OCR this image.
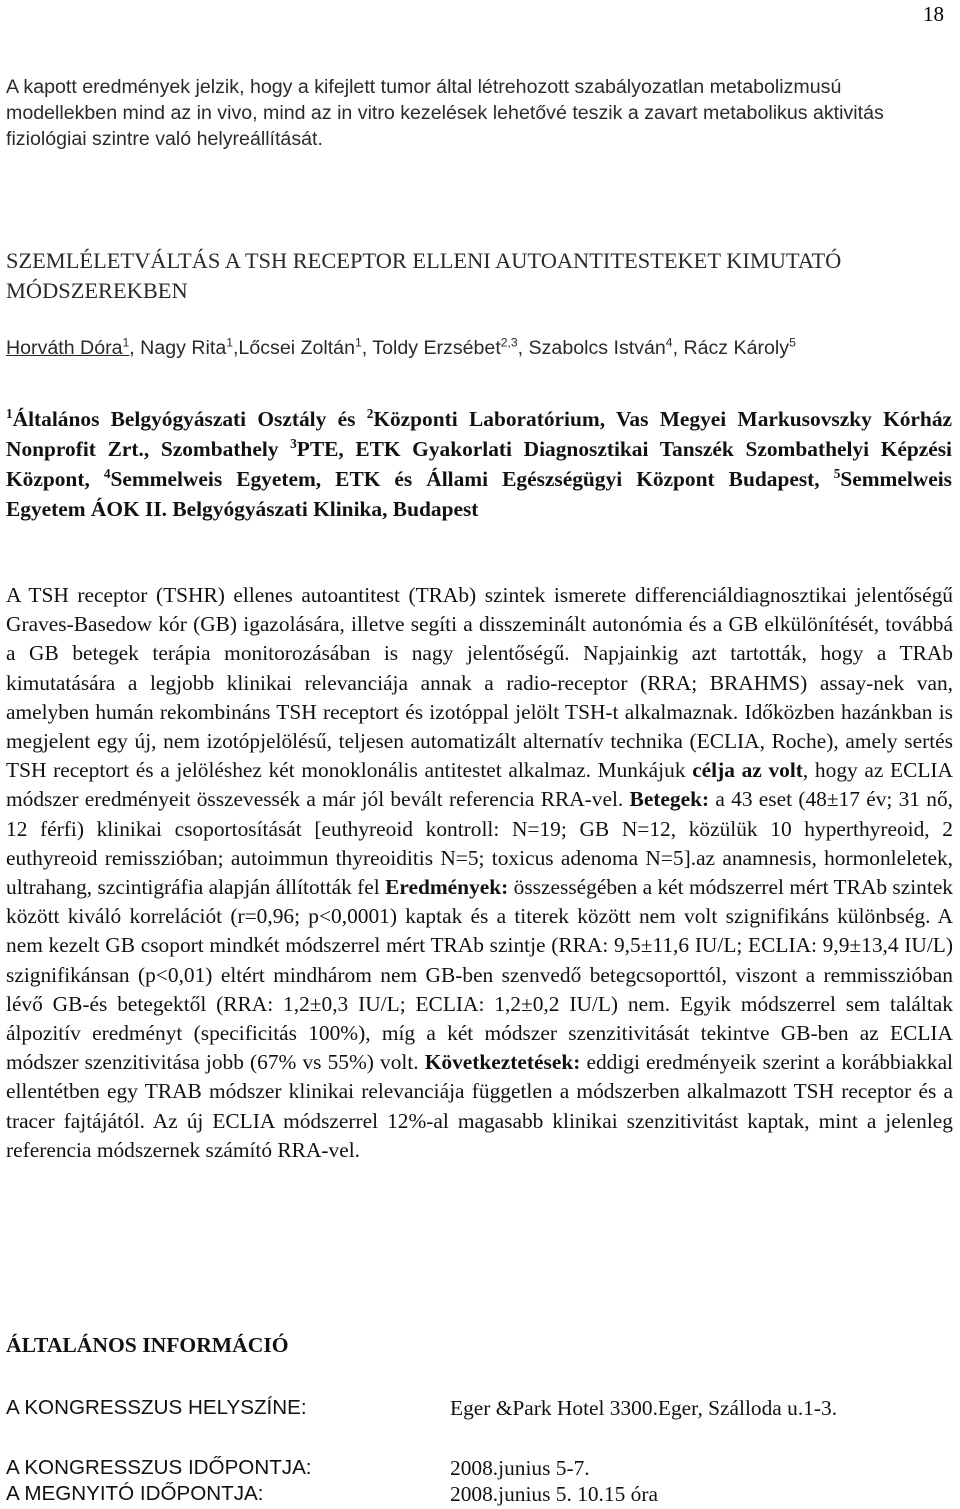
18

A kapott eredmények jelzik, hogy a kifejlett tumor által létrehozott szabályozatlan metabolizmusú modellekben mind az in vivo, mind az in vitro kezelések lehetővé teszik a zavart metabolikus aktivitás fiziológiai szintre való helyreállítását.

SZEMLÉLETVÁLTÁS A TSH RECEPTOR ELLENI AUTOANTITESTEKET KIMUTATÓ MÓDSZEREKBEN
Horváth Dóra$^1$, Nagy Rita$^1$,Lőcsei Zoltán$^1$, Toldy Erzsébet$^{2,3}$, Szabolcs István$^4$, Rácz Károly$^5$
$^1$Általános Belgyógyászati Osztály és $^2$Központi Laboratórium, Vas Megyei Markusovszky Kórház Nonprofit Zrt., Szombathely $^3$PTE, ETK Gyakorlati Diagnosztikai Tanszék Szombathelyi Képzési Központ, $^4$Semmelweis Egyetem, ETK és Állami Egészségügyi Központ Budapest, $^5$Semmelweis Egyetem ÁOK II. Belgyógyászati Klinika, Budapest
A TSH receptor (TSHR) ellenes autoantitest (TRAb) szintek ismerete differenciáldiagnosztikai jelentőségű Graves-Basedow kór (GB) igazolására, illetve segíti a disszeminált autonómia és a GB elkülönítését, továbbá a GB betegek terápia monitorozásában is nagy jelentőségű. Napjainkig azt tartották, hogy a TRAb kimutatására a legjobb klinikai relevanciája annak a radio-receptor (RRA; BRAHMS) assay-nek van, amelyben humán rekombináns TSH receptort és izotóppal jelölt TSH-t alkalmaznak. Időközben hazánkban is megjelent egy új, nem izotópjelölésű, teljesen automatizált alternatív technika (ECLIA, Roche), amely sertés TSH receptort és a jelöléshez két monoklonális antitestet alkalmaz. Munkájuk célja az volt, hogy az ECLIA módszer eredményeit összevessék a már jól bevált referencia RRA-vel. Betegek: a 43 eset (48±17 év; 31 nő, 12 férfi) klinikai csoportosítását [euthyreoid kontroll: N=19; GB N=12, közülük 10 hyperthyreoid, 2 euthyreoid remisszióban; autoimmun thyreoiditis N=5; toxicus adenoma N=5].az anamnesis, hormonleletek, ultrahang, szcintigráfia alapján állították fel Eredmények: összességében a két módszerrel mért TRAb szintek között kiváló korrelációt (r=0,96; p<0,0001) kaptak és a titerek között nem volt szignifikáns különbség. A nem kezelt GB csoport mindkét módszerrel mért TRAb szintje (RRA: 9,5±11,6 IU/L; ECLIA: 9,9±13,4 IU/L) szignifikánsan (p<0,01) eltért mindhárom nem GB-ben szenvedő betegcsoporttól, viszont a remmisszióban lévő GB-és betegektől (RRA: 1,2±0,3 IU/L; ECLIA: 1,2±0,2 IU/L) nem. Egyik módszerrel sem találtak álpozitív eredményt (specificitás 100%), míg a két módszer szenzitivitását tekintve GB-ben az ECLIA módszer szenzitivitása jobb (67% vs 55%) volt. Következtetések: eddigi eredményeik szerint a korábbiakkal ellentétben egy TRAB módszer klinikai relevanciája független a módszerben alkalmazott TSH receptor és a tracer fajtájától. Az új ECLIA módszerrel 12%-al magasabb klinikai szenzitivitást kaptak, mint a jelenleg referencia módszernek számító RRA-vel.
ÁLTALÁNOS INFORMÁCIÓ
A KONGRESSZUS HELYSZÍNE:	Eger &Park Hotel 3300.Eger, Szálloda u.1-3.
A KONGRESSZUS IDŐPONTJA:	2008.junius 5-7.
A MEGNYITÓ IDŐPONTJA:	2008.junius 5. 10.15 óra
